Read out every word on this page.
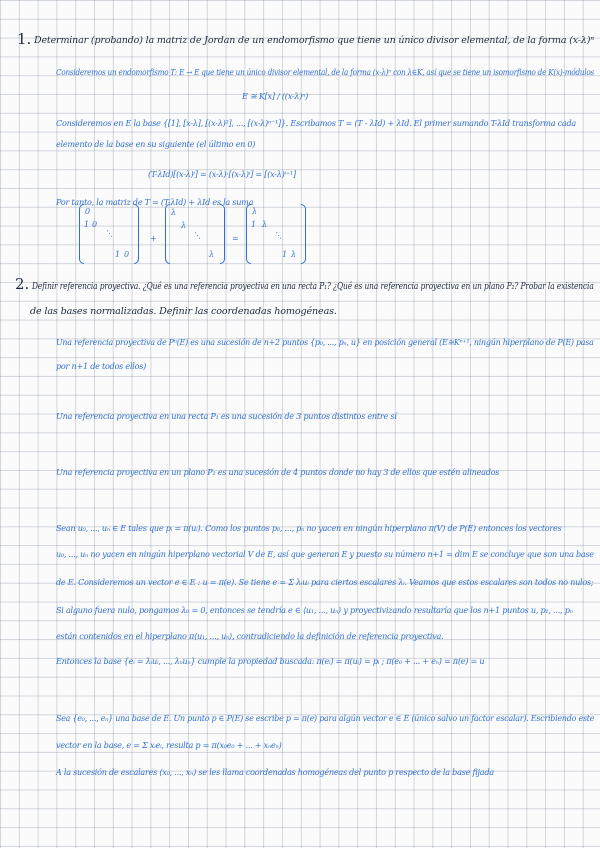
1. Determinar (probando) la matriz de Jordan de un endomorfismo que tiene un único divisor elemental, de la forma (x-λ)ⁿ
Consideremos un endomorfismo T: E → E que tiene un único divisor elemental, de la forma (x-λ)ⁿ con λ∈K, así que se tiene un isomorfismo de K(x)-módulos
E ≅ K[x] / ((x-λ)ⁿ)
Consideremos en E la base {[1], [x-λ], [(x-λ)²], ..., [(x-λ)ⁿ⁻¹]}. Escribamos T = (T - λId) + λId. El primer sumando T-λId transforma cada
elemento de la base en su siguiente (el último en 0)
(T-λId)[(x-λ)ⁱ] = (x-λ)·[(x-λ)ⁱ] = [(x-λ)ⁱ⁺¹]
Por tanto, la matriz de T = (T-λId) + λId es la suma
0
1 0
⋱
1 0
+
λ
λ
⋱
λ
=
λ
1 λ
⋱
1 λ
2. Definir referencia proyectiva. ¿Qué es una referencia proyectiva en una recta P₁? ¿Qué es una referencia proyectiva en un plano P₂? Probar la existencia
de las bases normalizadas. Definir las coordenadas homogéneas.
Una referencia proyectiva de Pⁿ(E) es una sucesión de n+2 puntos {p₀, ..., pₙ, u} en posición general (E≅Kⁿ⁺¹, ningún hiperplano de P(E) pasa
por n+1 de todos ellos)
Una referencia proyectiva en una recta P₁ es una sucesión de 3 puntos distintos entre sí
Una referencia proyectiva en un plano P₂ es una sucesión de 4 puntos donde no hay 3 de ellos que estén alineados
Sean u₀, ..., uₙ ∈ E tales que pᵢ = π(uᵢ). Como los puntos p₀, ..., pₙ no yacen en ningún hiperplano π(V) de P(E) entonces los vectores
u₀, ..., uₙ no yacen en ningún hiperplano vectorial V de E, así que generan E y puesto su número n+1 = dim E se concluye que son una base
de E. Consideremos un vector e ∈ E : u = π(e). Se tiene e = Σ λᵢuᵢ para ciertos escalares λᵢ. Veamos que estos escalares son todos no nulos;
Si alguno fuera nulo, pongamos λ₀ = 0, entonces se tendría e ∈ ⟨u₁, ..., uₙ⟩ y proyectivizando resultaría que los n+1 puntos u, p₁, ..., pₙ
están contenidos en el hiperplano π⟨u₁, ..., uₙ⟩, contradiciendo la definición de referencia proyectiva.
Entonces la base {eᵢ = λᵢuᵢ, ..., λₙuₙ} cumple la propiedad buscada: π(eᵢ) = π(uᵢ) = pᵢ ; π(e₀ + ... + eₙ) = π(e) = u
Sea {e₀, ..., eₙ} una base de E. Un punto p ∈ P(E) se escribe p = π(e) para algún vector e ∈ E (único salvo un factor escalar). Escribiendo este
vector en la base, e = Σ xᵢeᵢ, resulta p = π(x₀e₀ + ... + xₙeₙ)
A la sucesión de escalares (x₀, ..., xₙ) se les llama coordenadas homogéneas del punto p respecto de la base fijada
